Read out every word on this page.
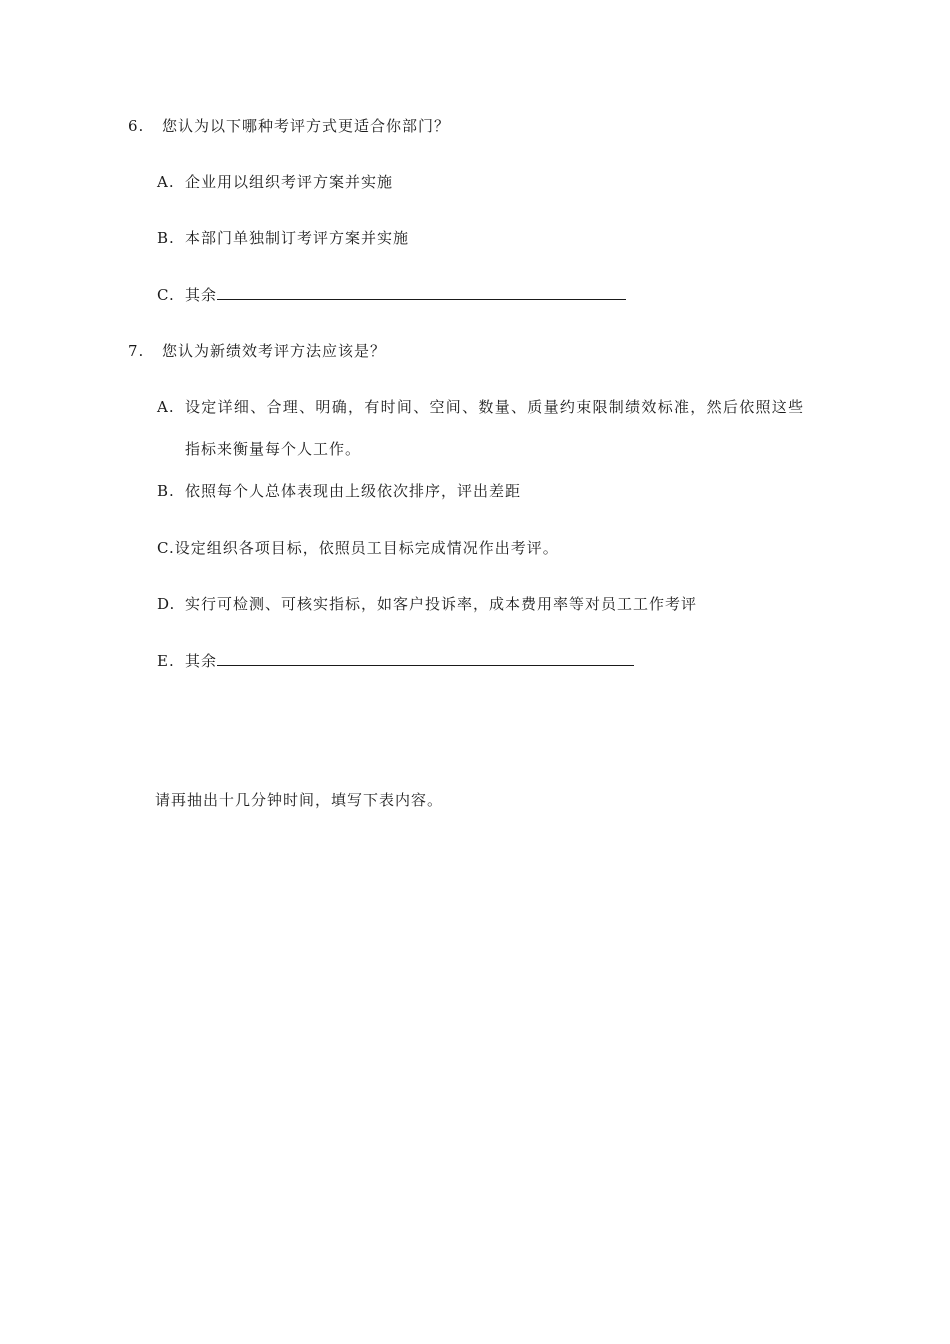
6. 您认为以下哪种考评方式更适合你部门？
A. 企业用以组织考评方案并实施
B. 本部门单独制订考评方案并实施
C. 其余
7. 您认为新绩效考评方法应该是？
A. 设定详细、合理、明确，有时间、空间、数量、质量约束限制绩效标准，然后依照这些
指标来衡量每个人工作。
B. 依照每个人总体表现由上级依次排序，评出差距
C.设定组织各项目标，依照员工目标完成情况作出考评。
D. 实行可检测、可核实指标，如客户投诉率，成本费用率等对员工工作考评
E. 其余
请再抽出十几分钟时间，填写下表内容。
